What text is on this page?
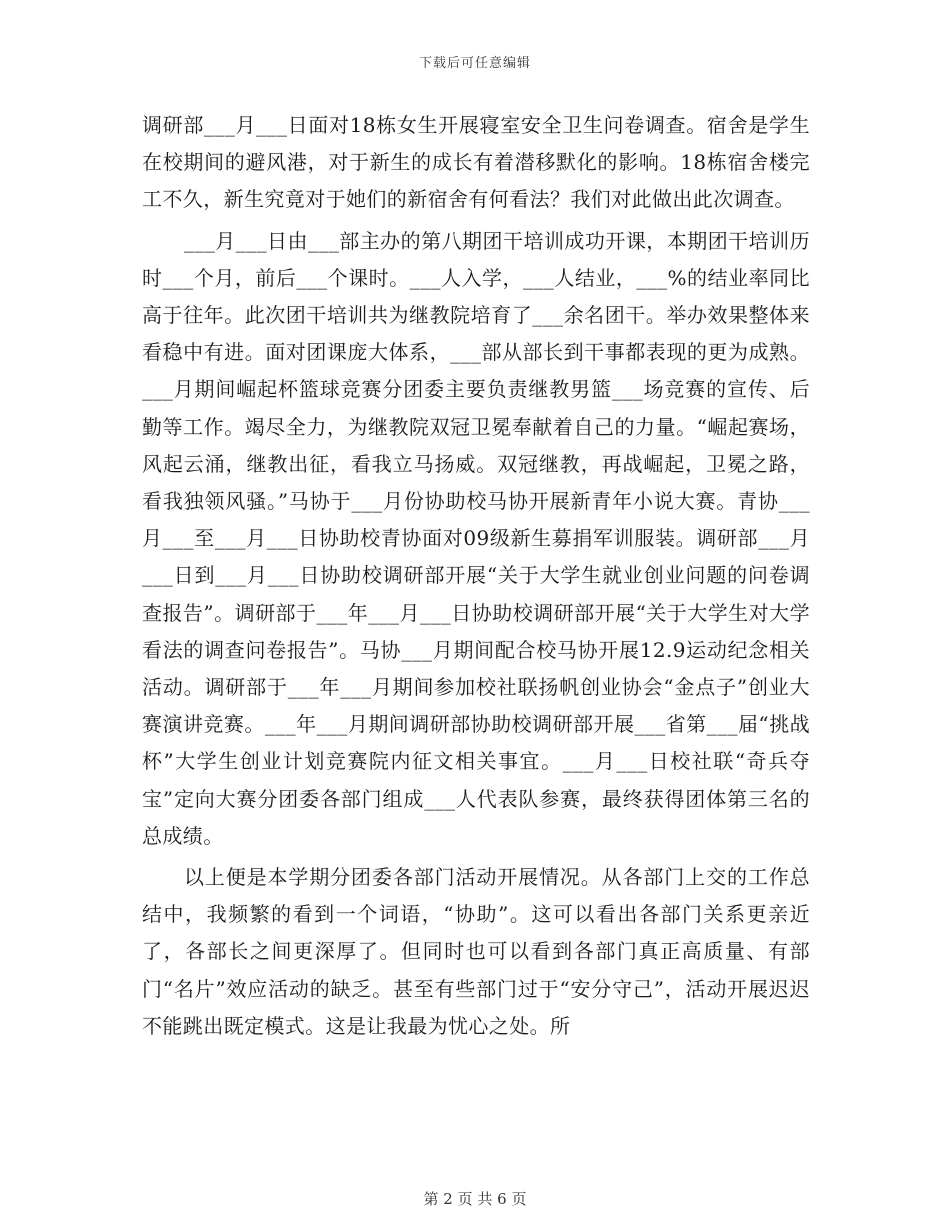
下载后可任意编辑

调研部___月___日面对18栋女生开展寝室安全卫生问卷调查。宿舍是学生在校期间的避风港，对于新生的成长有着潜移默化的影响。18栋宿舍楼完工不久，新生究竟对于她们的新宿舍有何看法？我们对此做出此次调查。

___月___日由___部主办的第八期团干培训成功开课，本期团干培训历时___个月，前后___个课时。___人入学，___人结业，___%的结业率同比高于往年。此次团干培训共为继教院培育了___余名团干。举办效果整体来看稳中有进。面对团课庞大体系，___部从部长到干事都表现的更为成熟。___月期间崛起杯篮球竞赛分团委主要负责继教男篮___场竞赛的宣传、后勤等工作。竭尽全力，为继教院双冠卫冕奉献着自己的力量。“崛起赛场，风起云涌，继教出征，看我立马扬威。双冠继教，再战崛起，卫冕之路，看我独领风骚。”马协于___月份协助校马协开展新青年小说大赛。青协___月___至___月___日协助校青协面对09级新生募捐军训服装。调研部___月___日到___月___日协助校调研部开展“关于大学生就业创业问题的问卷调查报告”。调研部于___年___月___日协助校调研部开展“关于大学生对大学看法的调查问卷报告”。马协___月期间配合校马协开展12.9运动纪念相关活动。调研部于___年___月期间参加校社联扬帆创业协会“金点子”创业大赛演讲竞赛。___年___月期间调研部协助校调研部开展___省第___届“挑战杯”大学生创业计划竞赛院内征文相关事宜。___月___日校社联“奇兵夺宝”定向大赛分团委各部门组成___人代表队参赛，最终获得团体第三名的总成绩。

以上便是本学期分团委各部门活动开展情况。从各部门上交的工作总结中，我频繁的看到一个词语，“协助”。这可以看出各部门关系更亲近了，各部长之间更深厚了。但同时也可以看到各部门真正高质量、有部门“名片”效应活动的缺乏。甚至有些部门过于“安分守己”，活动开展迟迟不能跳出既定模式。这是让我最为忧心之处。所

第 2 页 共 6 页
